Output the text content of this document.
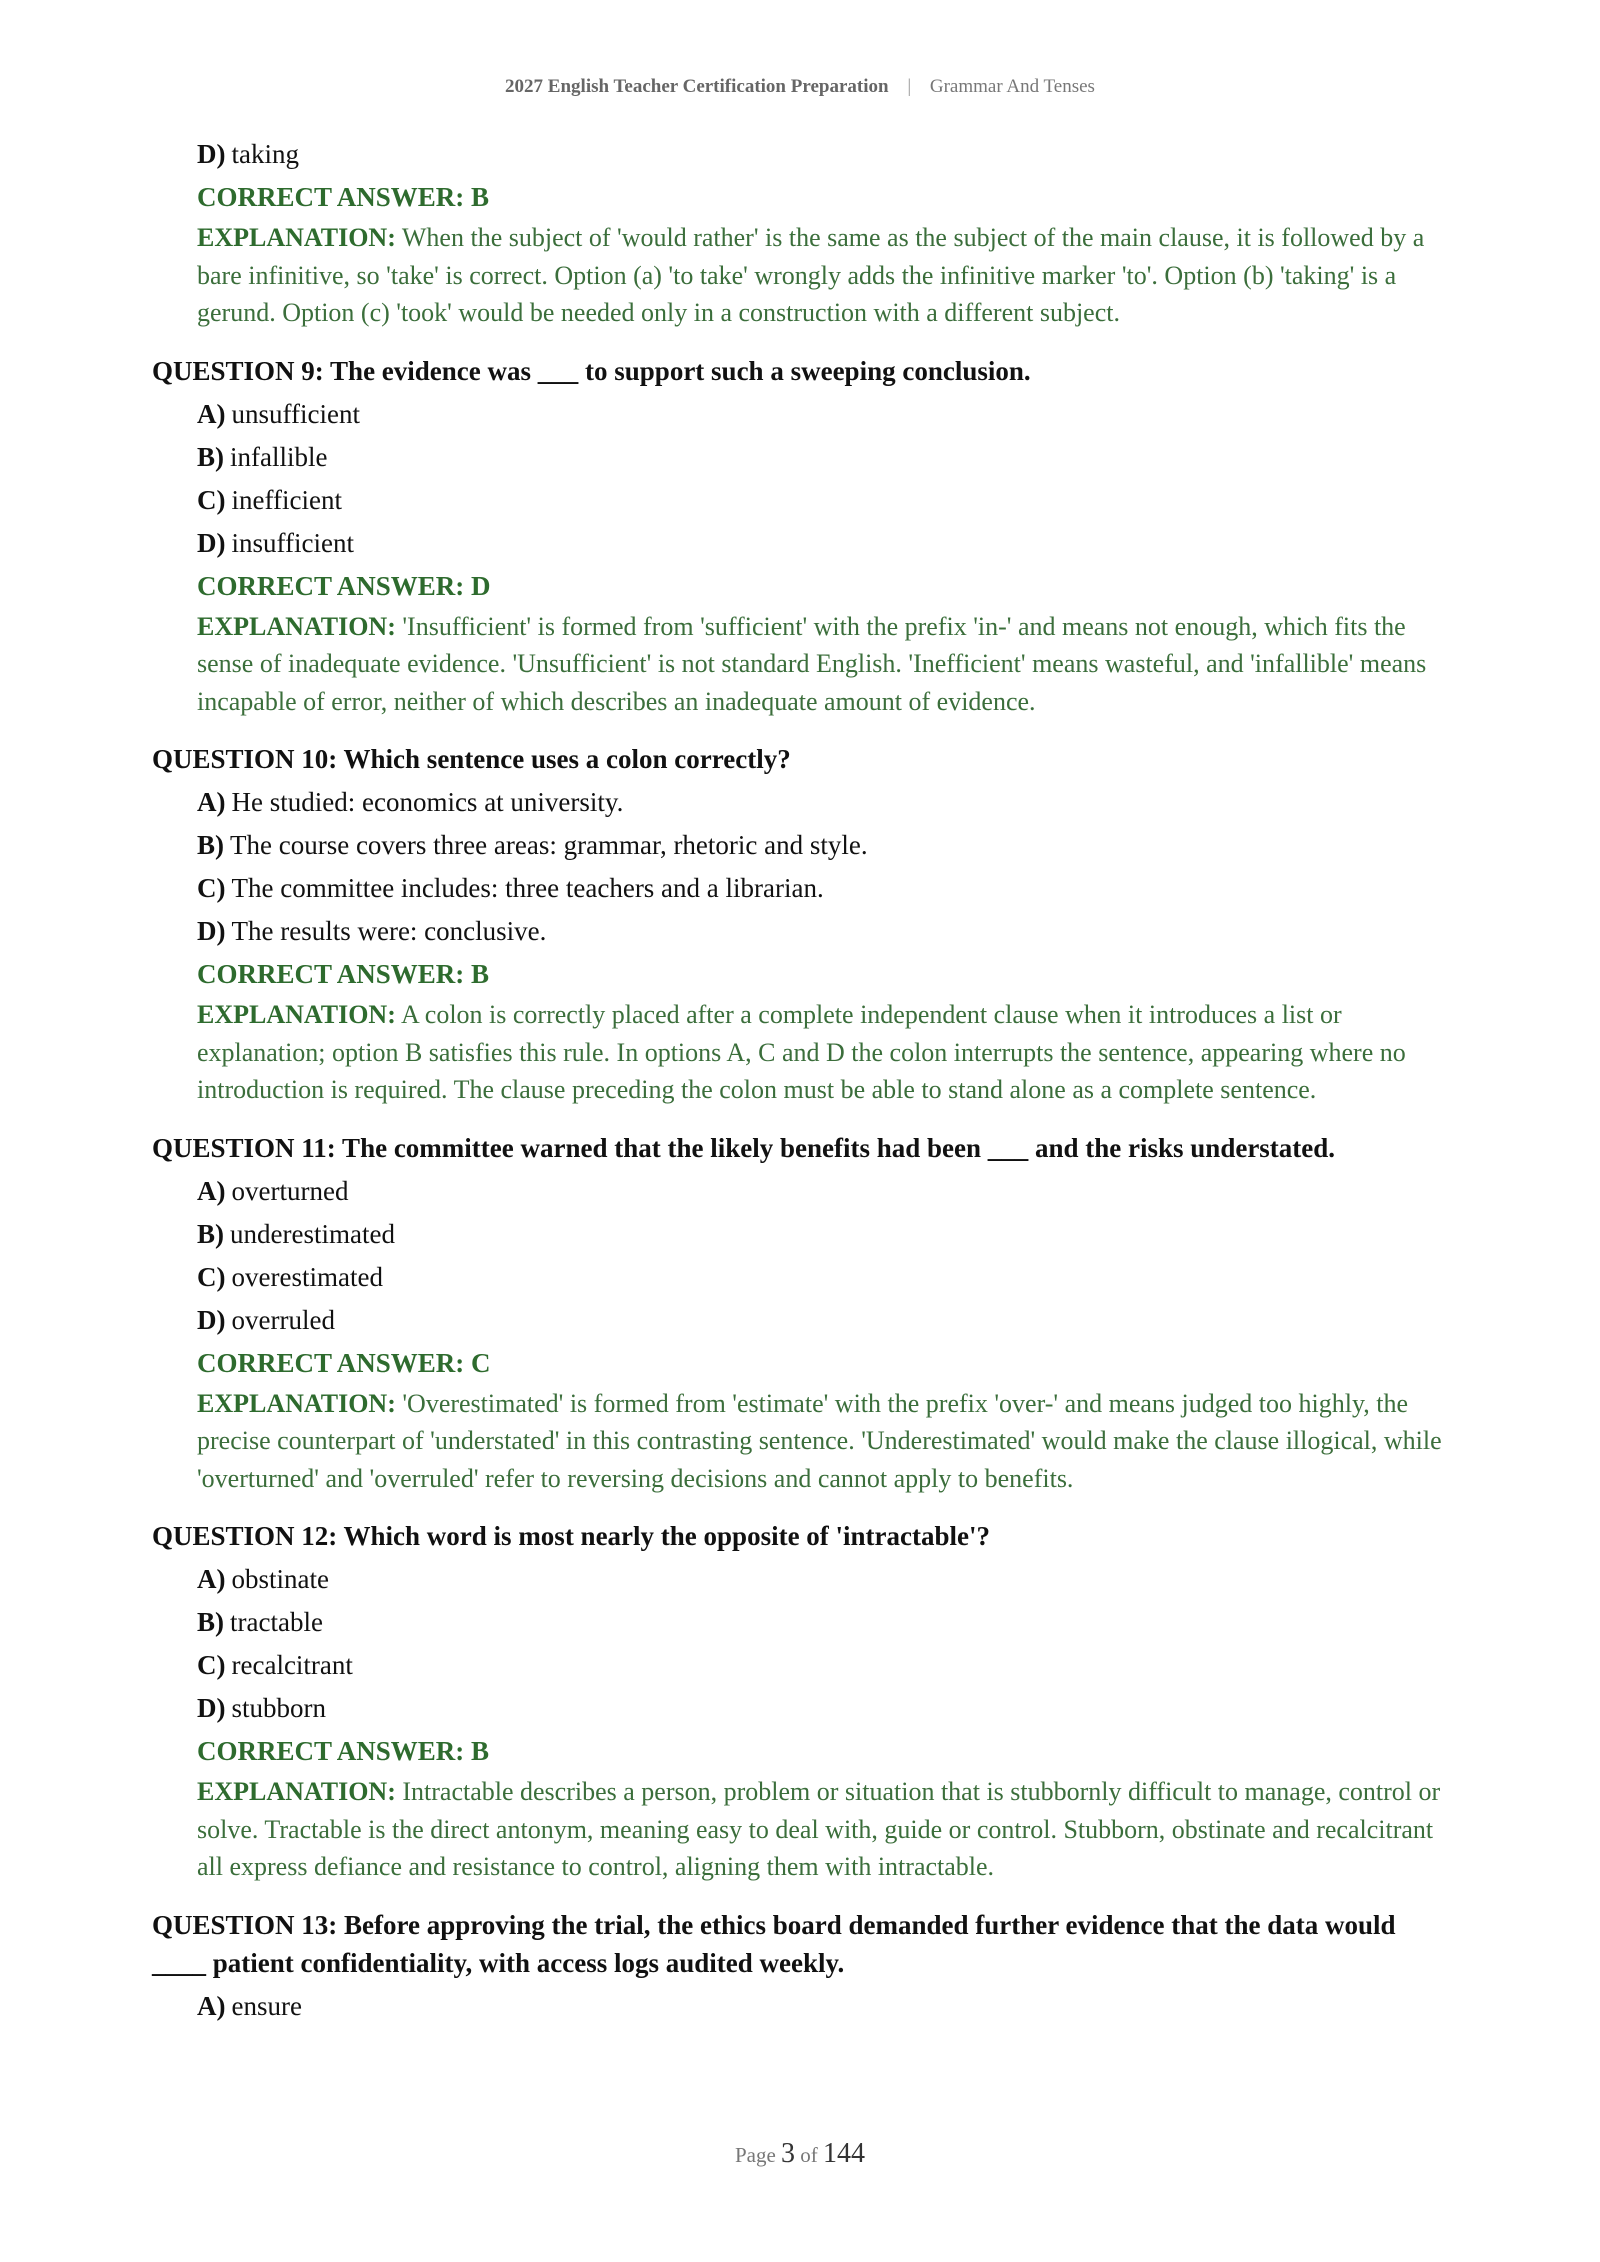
2027 English Teacher Certification Preparation | Grammar And Tenses
D) taking
CORRECT ANSWER: B
EXPLANATION: When the subject of 'would rather' is the same as the subject of the main clause, it is followed by a bare infinitive, so 'take' is correct. Option (a) 'to take' wrongly adds the infinitive marker 'to'. Option (b) 'taking' is a gerund. Option (c) 'took' would be needed only in a construction with a different subject.
QUESTION 9: The evidence was ___ to support such a sweeping conclusion.
A) unsufficient
B) infallible
C) inefficient
D) insufficient
CORRECT ANSWER: D
EXPLANATION: 'Insufficient' is formed from 'sufficient' with the prefix 'in-' and means not enough, which fits the sense of inadequate evidence. 'Unsufficient' is not standard English. 'Inefficient' means wasteful, and 'infallible' means incapable of error, neither of which describes an inadequate amount of evidence.
QUESTION 10: Which sentence uses a colon correctly?
A) He studied: economics at university.
B) The course covers three areas: grammar, rhetoric and style.
C) The committee includes: three teachers and a librarian.
D) The results were: conclusive.
CORRECT ANSWER: B
EXPLANATION: A colon is correctly placed after a complete independent clause when it introduces a list or explanation; option B satisfies this rule. In options A, C and D the colon interrupts the sentence, appearing where no introduction is required. The clause preceding the colon must be able to stand alone as a complete sentence.
QUESTION 11: The committee warned that the likely benefits had been ___ and the risks understated.
A) overturned
B) underestimated
C) overestimated
D) overruled
CORRECT ANSWER: C
EXPLANATION: 'Overestimated' is formed from 'estimate' with the prefix 'over-' and means judged too highly, the precise counterpart of 'understated' in this contrasting sentence. 'Underestimated' would make the clause illogical, while 'overturned' and 'overruled' refer to reversing decisions and cannot apply to benefits.
QUESTION 12: Which word is most nearly the opposite of 'intractable'?
A) obstinate
B) tractable
C) recalcitrant
D) stubborn
CORRECT ANSWER: B
EXPLANATION: Intractable describes a person, problem or situation that is stubbornly difficult to manage, control or solve. Tractable is the direct antonym, meaning easy to deal with, guide or control. Stubborn, obstinate and recalcitrant all express defiance and resistance to control, aligning them with intractable.
QUESTION 13: Before approving the trial, the ethics board demanded further evidence that the data would ____ patient confidentiality, with access logs audited weekly.
A) ensure
Page 3 of 144
